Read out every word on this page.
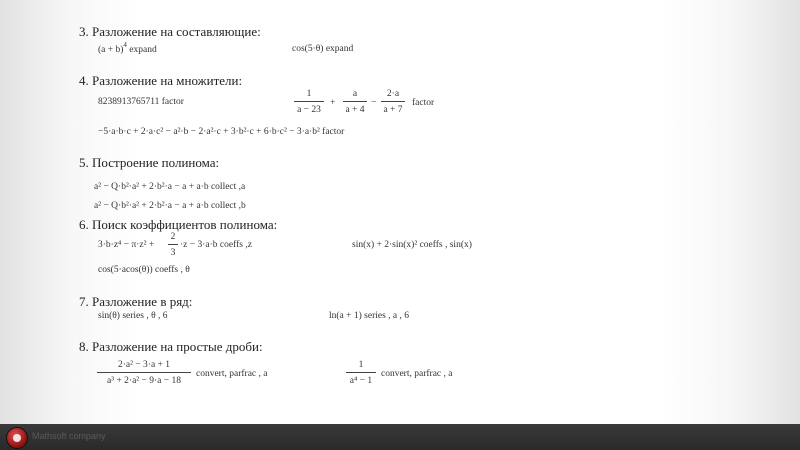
3. Разложение на составляющие:
$(a + b)^4$ expand	cos(5·θ) expand
4. Разложение на множители:
8238913765711 factor	$\frac{1}{a - 23} + \frac{a}{a + 4} - \frac{2\cdot a}{a + 7}$ factor
−5·a·b·c + 2·a·c² − a²·b − 2·a²·c + 3·b²·c + 6·b·c² − 3·a·b² factor
5. Построение полинома:
a² − Q·b²·a² + 2·b²·a − a + a·b collect ,a
a² − Q·b²·a² + 2·b²·a − a + a·b collect ,b
6. Поиск коэффициентов полинома:
$3\cdot b\cdot z^4 - \pi\cdot z^2 + \frac{2}{3} \cdot z - 3\cdot a\cdot b$ coeffs ,z	sin(x) + 2·sin(x)² coeffs , sin(x)
cos(5·acos(θ)) coeffs , θ
7. Разложение в ряд:
sin(θ) series , θ , 6	ln(a + 1) series , a , 6
8. Разложение на простые дроби:
$\frac{\text{2·a² − 3·a + 1}}{\text{a³ + 2·a² − 9·a − 18}}$ convert, parfrac , a	$\frac{1}{\text{a⁴ − 1}}$ convert, parfrac , a
Mathsoft company
